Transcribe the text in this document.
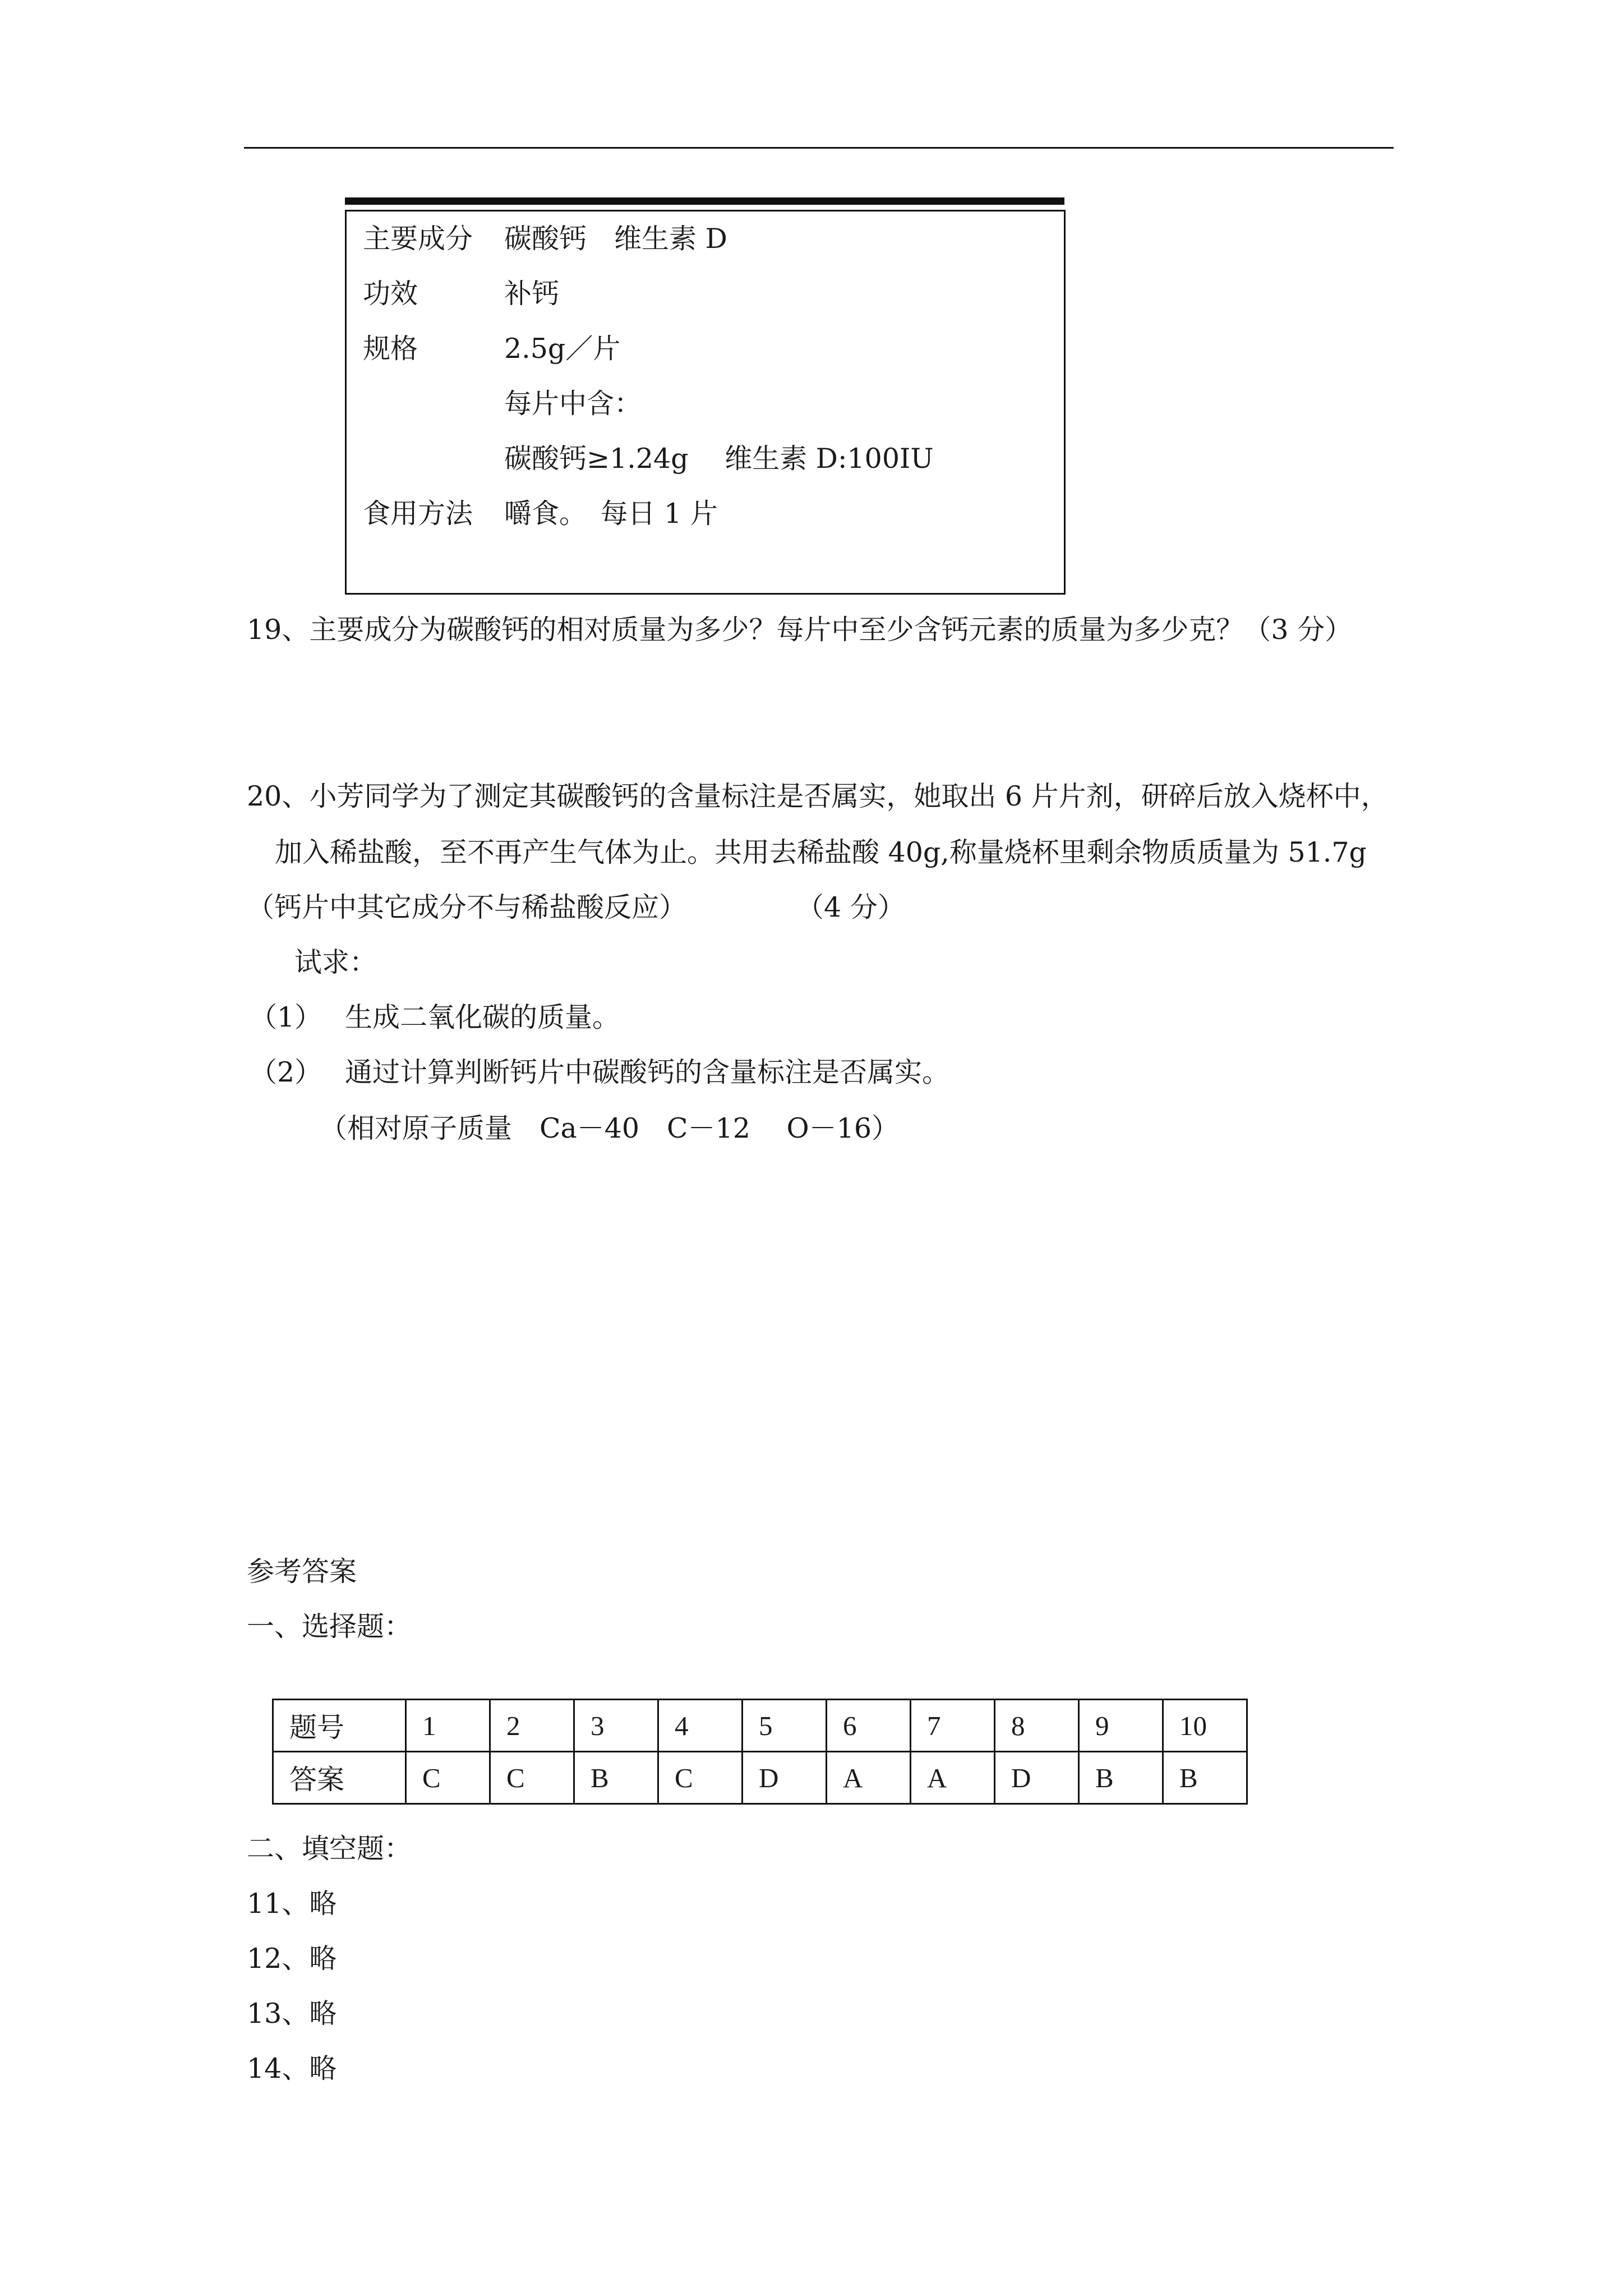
主要成分 碳酸钙　维生素 D
功效	补钙
规格	2.5g／片
每片中含：
碳酸钙≥1.24g　 维生素 D:100IU
食用方法 嚼食。　每日 1 片
19、主要成分为碳酸钙的相对质量为多少？每片中至少含钙元素的质量为多少克？（3 分）
20、小芳同学为了测定其碳酸钙的含量标注是否属实，她取出 6 片片剂，研碎后放入烧杯中，
加入稀盐酸，至不再产生气体为止。共用去稀盐酸 40g,称量烧杯里剩余物质质量为 51.7g
（钙片中其它成分不与稀盐酸反应）　　　　　（4 分）
试求：
（1） 生成二氧化碳的质量。
（2） 通过计算判断钙片中碳酸钙的含量标注是否属实。
（相对原子质量　Ca－40　C－12　 O－16）
参考答案
一、选择题：
题号	1	2	3	4	5	6	7	8	9	10
答案	C	C	B	C	D	A	A	D	B	B
二、填空题：
11、略
12、略
13、略
14、略
